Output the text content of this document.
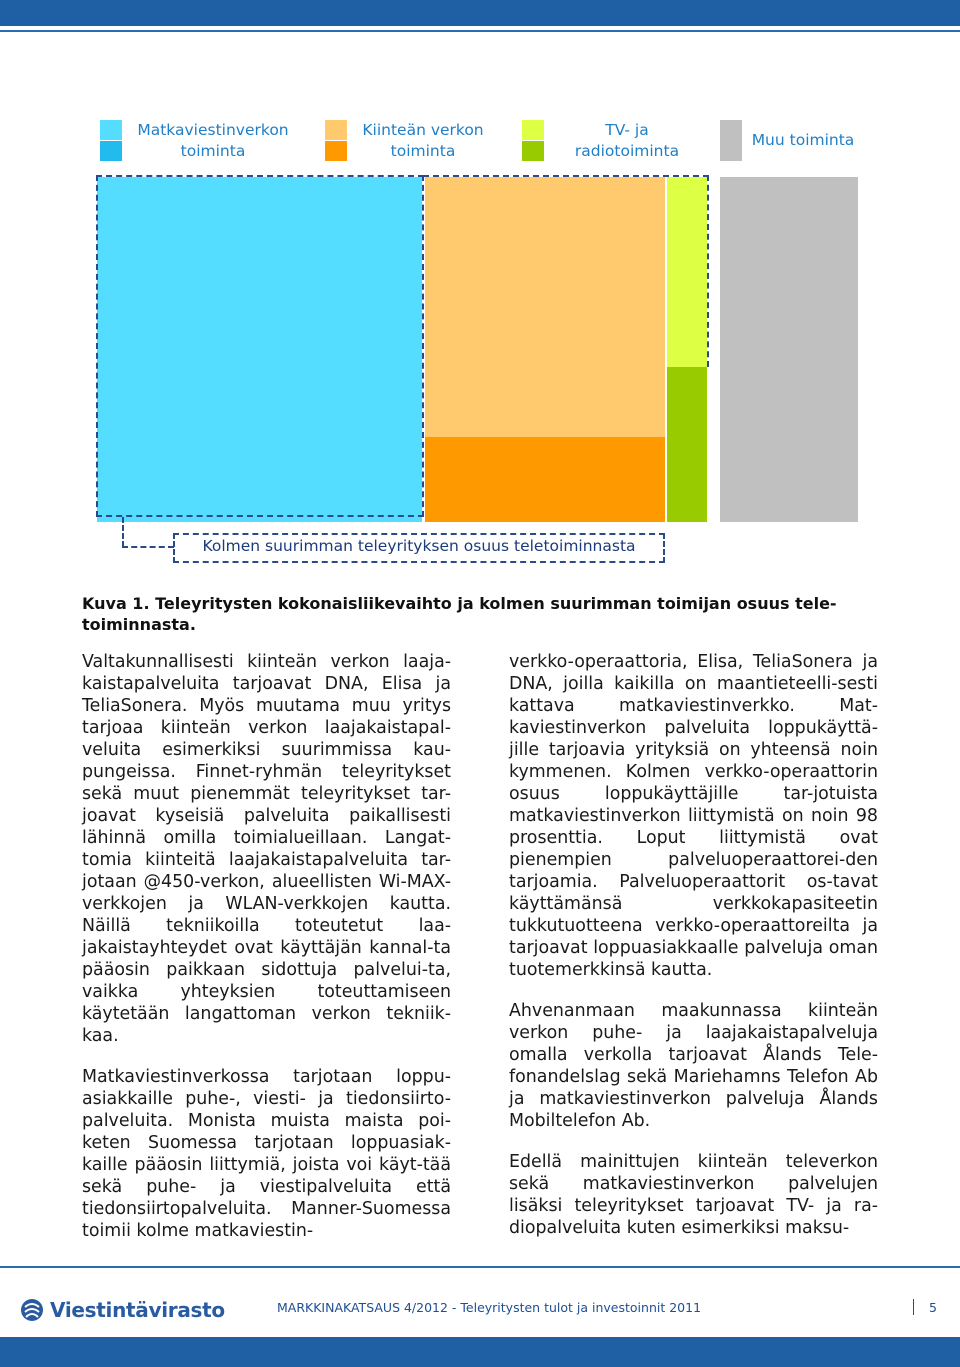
Matkaviestinverkon toiminta
Kiinteän verkon toiminta
TV- ja radiotoiminta
Muu toiminta
Kolmen suurimman teleyrityksen osuus teletoiminnasta
Kuva 1. Teleyritysten kokonaisliikevaihto ja kolmen suurimman toimijan osuus tele-toiminnasta.

Valtakunnallisesti kiinteän verkon laaja-kaistapalveluita tarjoavat DNA, Elisa ja TeliaSonera. Myös muutama muu yritys tarjoaa kiinteän verkon laajakaistapal-veluita esimerkiksi suurimmissa kau-pungeissa. Finnet-ryhmän teleyritykset sekä muut pienemmät teleyritykset tar-joavat kyseisiä palveluita paikallisesti lähinnä omilla toimialueillaan. Langat-tomia kiinteitä laajakaistapalveluita tar-jotaan @450-verkon, alueellisten Wi-MAX-verkkojen ja WLAN-verkkojen kautta. Näillä tekniikoilla toteutetut laa-jakaistayhteydet ovat käyttäjän kannal-ta pääosin paikkaan sidottuja palvelui-ta, vaikka yhteyksien toteuttamiseen käytetään langattoman verkon tekniik-kaa.

Matkaviestinverkossa tarjotaan loppu-asiakkaille puhe-, viesti- ja tiedonsiirto-palveluita. Monista muista maista poi-keten Suomessa tarjotaan loppuasiak-kaille pääosin liittymiä, joista voi käyt-tää sekä puhe- ja viestipalveluita että tiedonsiirtopalveluita. Manner-Suomessa toimii kolme matkaviestin-

verkko-operaattoria, Elisa, TeliaSonera ja DNA, joilla kaikilla on maantieteelli-sesti kattava matkaviestinverkko. Mat-kaviestinverkon palveluita loppukäyttä-jille tarjoavia yrityksiä on yhteensä noin kymmenen. Kolmen verkko-operaattorin osuus loppukäyttäjille tar-jotuista matkaviestinverkon liittymistä on noin 98 prosenttia. Loput liittymistä ovat pienempien palveluoperaattorei-den tarjoamia. Palveluoperaattorit os-tavat käyttämänsä verkkokapasiteetin tukkutuotteena verkko-operaattoreilta ja tarjoavat loppuasiakkaalle palveluja oman tuotemerkkinsä kautta.

Ahvenanmaan maakunnassa kiinteän verkon puhe- ja laajakaistapalveluja omalla verkolla tarjoavat Ålands Tele-fonandelslag sekä Mariehamns Telefon Ab ja matkaviestinverkon palveluja Ålands Mobiltelefon Ab.

Edellä mainittujen kiinteän televerkon sekä matkaviestinverkon palvelujen lisäksi teleyritykset tarjoavat TV- ja ra-diopalveluita kuten esimerkiksi maksu-

Viestintävirasto	MARKKINAKATSAUS 4/2012 - Teleyritysten tulot ja investoinnit 2011	5
